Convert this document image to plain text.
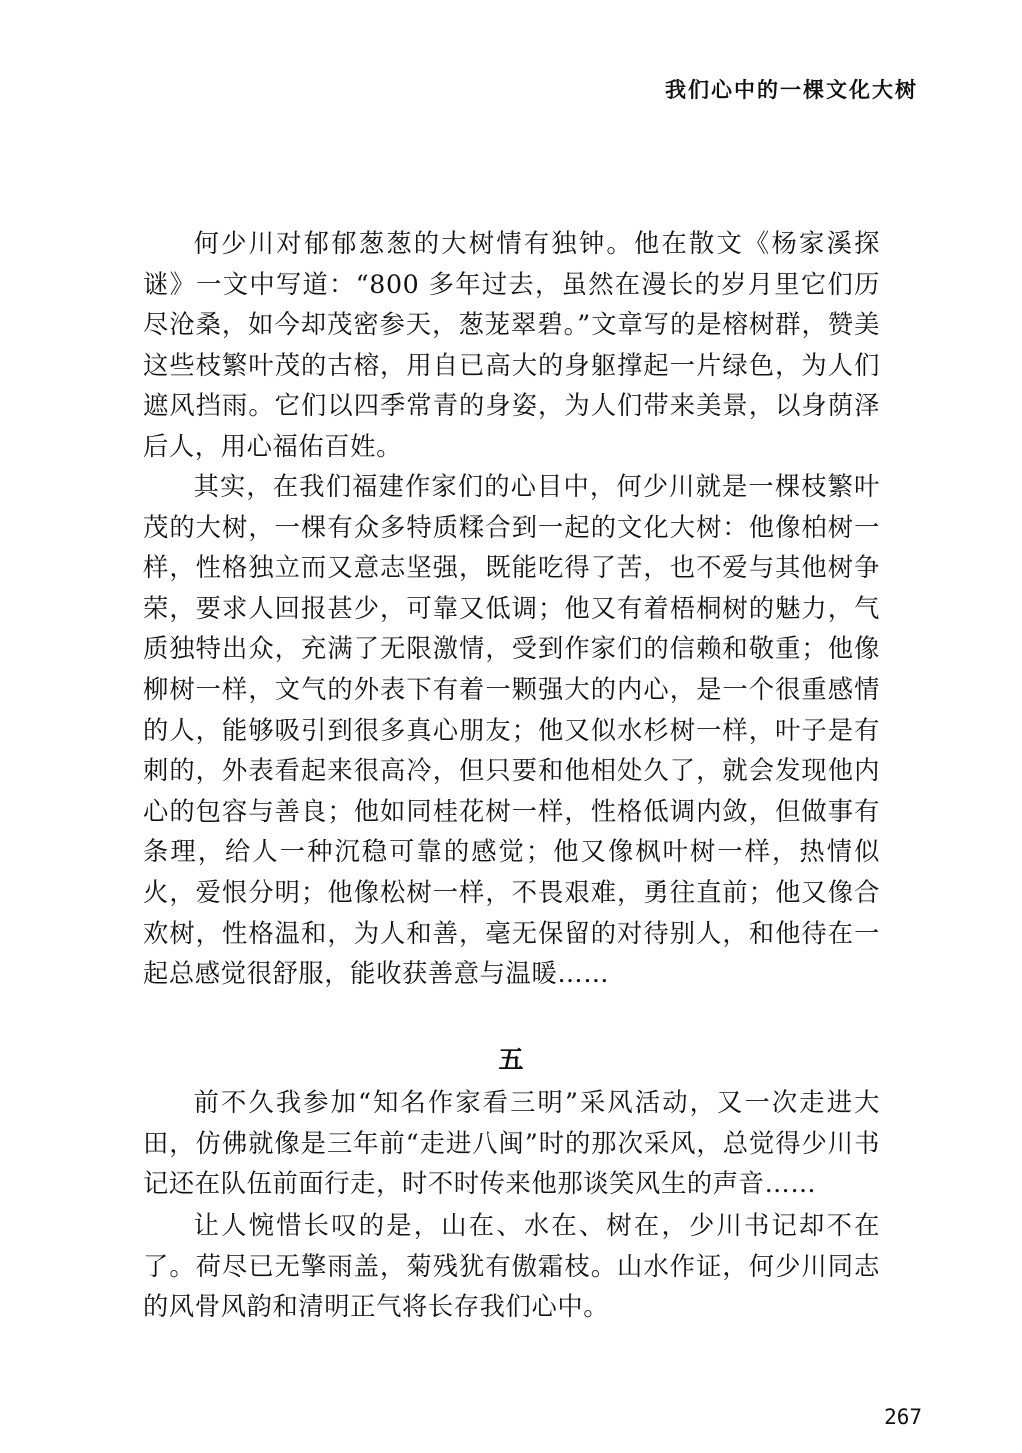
我们心中的一棵文化大树

何少川对郁郁葱葱的大树情有独钟。他在散文《杨家溪探谜》一文中写道：“800 多年过去，虽然在漫长的岁月里它们历尽沧桑，如今却茂密参天，葱茏翠碧。”文章写的是榕树群，赞美这些枝繁叶茂的古榕，用自已高大的身躯撑起一片绿色，为人们遮风挡雨。它们以四季常青的身姿，为人们带来美景，以身荫泽后人，用心福佑百姓。

其实，在我们福建作家们的心目中，何少川就是一棵枝繁叶茂的大树，一棵有众多特质糅合到一起的文化大树：他像柏树一样，性格独立而又意志坚强，既能吃得了苦，也不爱与其他树争荣，要求人回报甚少，可靠又低调；他又有着梧桐树的魅力，气质独特出众，充满了无限激情，受到作家们的信赖和敬重；他像柳树一样，文气的外表下有着一颗强大的内心，是一个很重感情的人，能够吸引到很多真心朋友；他又似水杉树一样，叶子是有刺的，外表看起来很高冷，但只要和他相处久了，就会发现他内心的包容与善良；他如同桂花树一样，性格低调内敛，但做事有条理，给人一种沉稳可靠的感觉；他又像枫叶树一样，热情似火，爱恨分明；他像松树一样，不畏艰难，勇往直前；他又像合欢树，性格温和，为人和善，毫无保留的对待别人，和他待在一起总感觉很舒服，能收获善意与温暖……

五

前不久我参加“知名作家看三明”采风活动，又一次走进大田，仿佛就像是三年前“走进八闽”时的那次采风，总觉得少川书记还在队伍前面行走，时不时传来他那谈笑风生的声音……

让人惋惜长叹的是，山在、水在、树在，少川书记却不在了。荷尽已无擎雨盖，菊残犹有傲霜枝。山水作证，何少川同志的风骨风韵和清明正气将长存我们心中。

267
